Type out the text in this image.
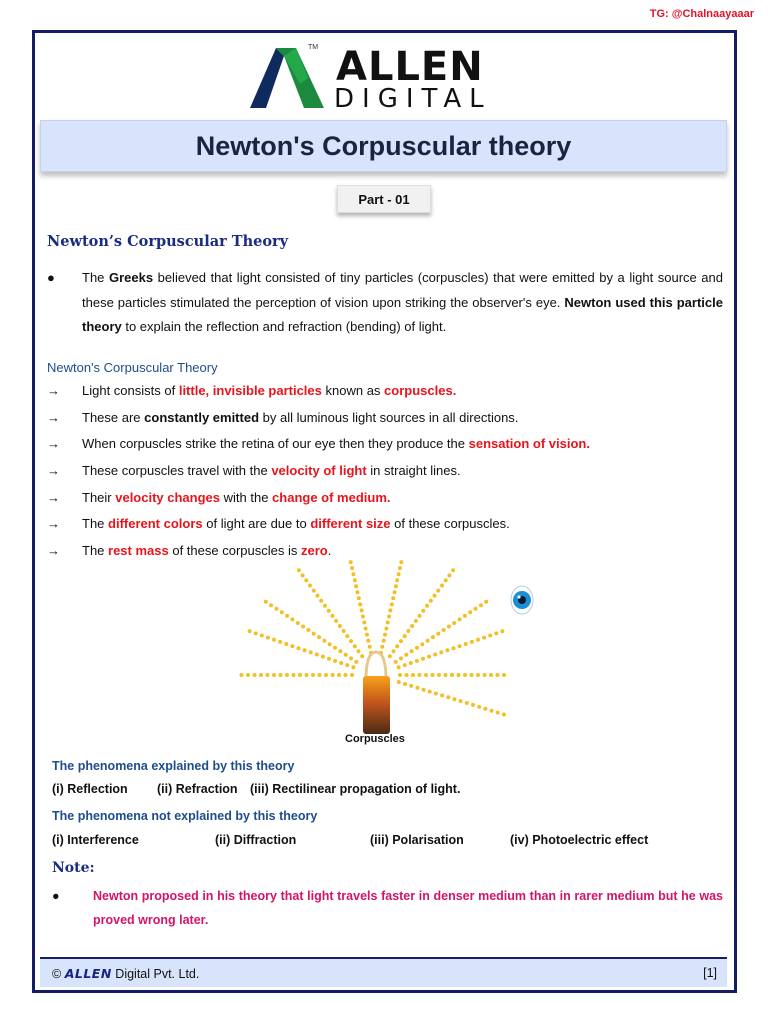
TG: @Chalnaayaaar
TM ALLEN
DIGITAL
Newton's Corpuscular theory
Part - 01
Newton’s Corpuscular Theory
● The Greeks believed that light consisted of tiny particles (corpuscles) that were emitted by a light source and these particles stimulated the perception of vision upon striking the observer's eye. Newton used this particle theory to explain the reflection and refraction (bending) of light.

Newton's Corpuscular Theory
→ Light consists of little, invisible particles known as corpuscles.
→ These are constantly emitted by all luminous light sources in all directions.
→ When corpuscles strike the retina of our eye then they produce the sensation of vision.
→ These corpuscles travel with the velocity of light in straight lines.
→ Their velocity changes with the change of medium.
→ The different colors of light are due to different size of these corpuscles.
→ The rest mass of these corpuscles is zero.
Corpuscles
The phenomena explained by this theory
(i) Reflection (ii) Refraction (iii) Rectilinear propagation of light.
The phenomena not explained by this theory
(i) Interference	(ii) Diffraction	(iii) Polarisation	(iv) Photoelectric effect
Note:
●	Newton proposed in his theory that light travels faster in denser medium than in rarer medium but he was proved wrong later.

© ALLEN Digital Pvt. Ltd.	[1]
